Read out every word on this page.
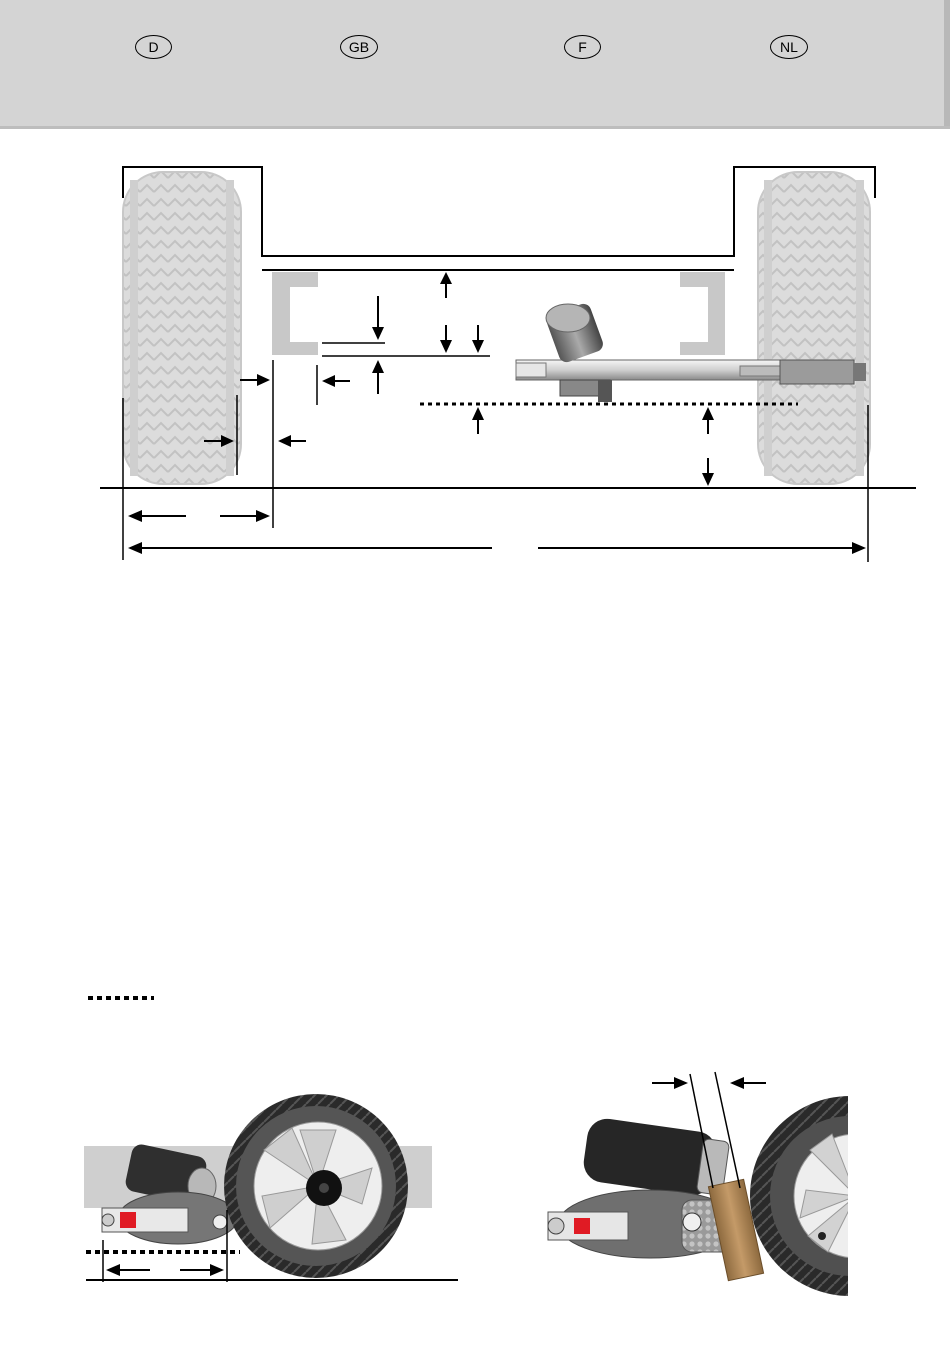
D	GB	F	NL
